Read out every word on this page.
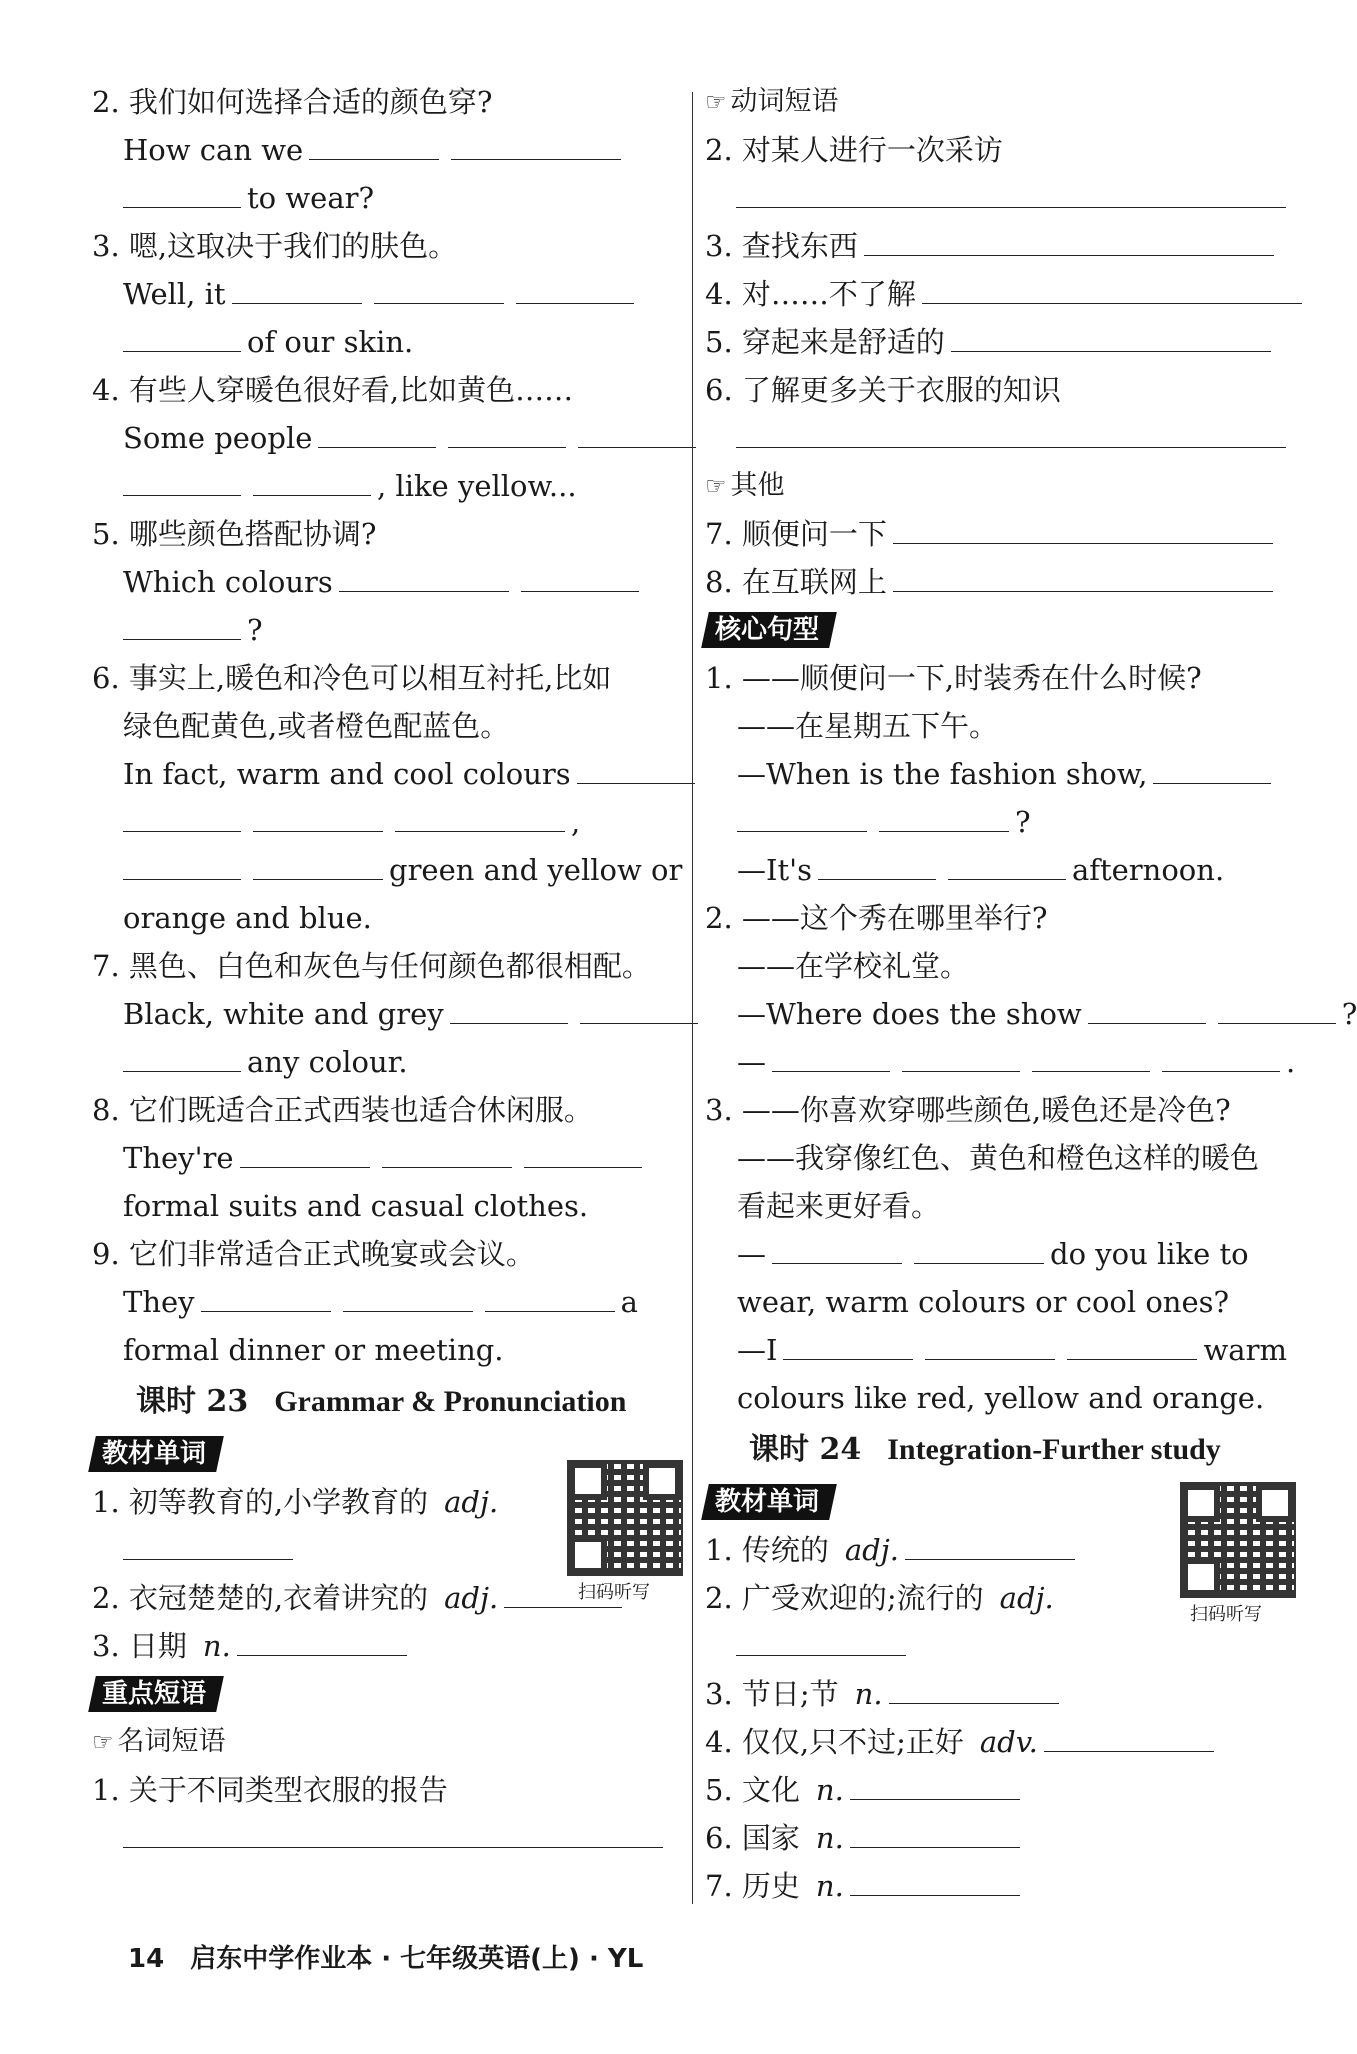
2. 我们如何选择合适的颜色穿?
How can we
to wear?
3. 嗯,这取决于我们的肤色。
Well, it
of our skin.
4. 有些人穿暖色很好看,比如黄色……
Some people
, like yellow...
5. 哪些颜色搭配协调?
Which colours
?
6. 事实上,暖色和冷色可以相互衬托,比如
绿色配黄色,或者橙色配蓝色。
In fact, warm and cool colours
,
green and yellow or
orange and blue.
7. 黑色、白色和灰色与任何颜色都很相配。
Black, white and grey
any colour.
8. 它们既适合正式西装也适合休闲服。
They're
formal suits and casual clothes.
9. 它们非常适合正式晚宴或会议。
They	a
formal dinner or meeting.
课时 23 Grammar & Pronunciation
教材单词
1. 初等教育的,小学教育的 adj.
2. 衣冠楚楚的,衣着讲究的 adj.
3. 日期 n.
重点短语
☞ 名词短语
1. 关于不同类型衣服的报告
扫码听写
☞ 动词短语
2. 对某人进行一次采访
3. 查找东西
4. 对……不了解
5. 穿起来是舒适的
6. 了解更多关于衣服的知识
☞ 其他
7. 顺便问一下
8. 在互联网上
核心句型
1. ——顺便问一下,时装秀在什么时候?
——在星期五下午。
—When is the fashion show,
?
—It's	afternoon.
2. ——这个秀在哪里举行?
——在学校礼堂。
—Where does the show	?
—	.
3. ——你喜欢穿哪些颜色,暖色还是冷色?
——我穿像红色、黄色和橙色这样的暖色
看起来更好看。
—	do you like to
wear, warm colours or cool ones?
—I	warm
colours like red, yellow and orange.
课时 24 Integration-Further study
教材单词
1. 传统的 adj.
2. 广受欢迎的;流行的 adj.
3. 节日;节 n.
4. 仅仅,只不过;正好 adv.
5. 文化 n.
6. 国家 n.
7. 历史 n.
扫码听写
14 启东中学作业本 · 七年级英语(上) · YL
